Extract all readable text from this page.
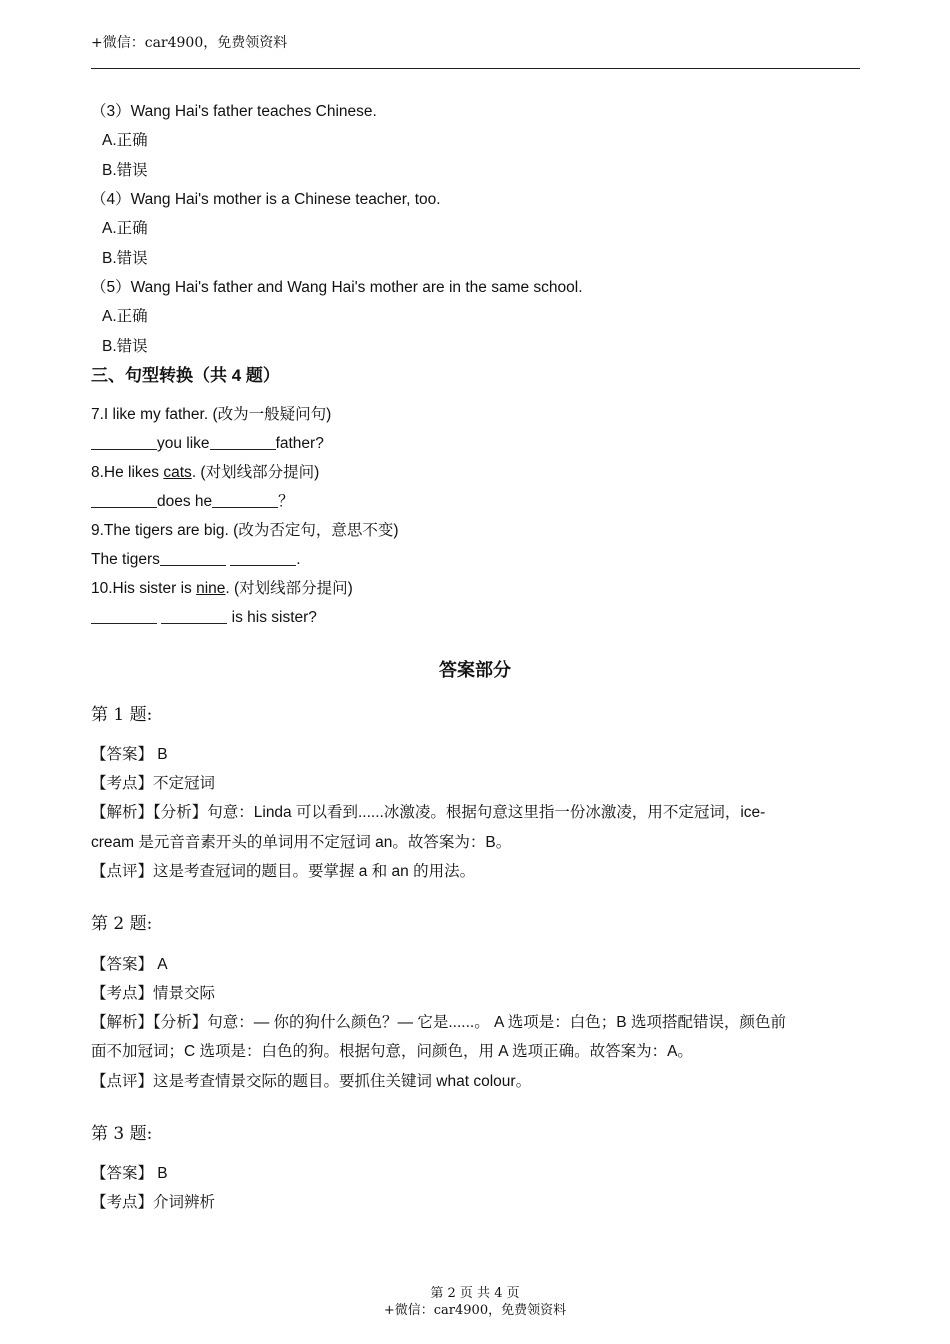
+微信：car4900，免费领资料
（3）Wang Hai's father teaches Chinese.
A.正确
B.错误
（4）Wang Hai's mother is a Chinese teacher, too.
A.正确
B.错误
（5）Wang Hai's father and Wang Hai's mother are in the same school.
A.正确
B.错误
三、句型转换（共 4 题）
7.I like my father. (改为一般疑问句)
you like	father?
8.He likes cats. (对划线部分提问)
does he	？
9.The tigers are big. (改为否定句，意思不变)
The tigers	.
10.His sister is nine. (对划线部分提问)
is his sister?
答案部分
第 1 题:
【答案】 B
【考点】不定冠词
【解析】【分析】句意：Linda 可以看到......冰激凌。根据句意这里指一份冰激凌，用不定冠词，ice-
cream 是元音音素开头的单词用不定冠词 an。故答案为：B。
【点评】这是考查冠词的题目。要掌握 a 和 an 的用法。
第 2 题:
【答案】 A
【考点】情景交际
【解析】【分析】句意：— 你的狗什么颜色？— 它是......。 A 选项是：白色；B 选项搭配错误，颜色前
面不加冠词；C 选项是：白色的狗。根据句意，问颜色，用 A 选项正确。故答案为：A。
【点评】这是考查情景交际的题目。要抓住关键词 what colour。
第 3 题:
【答案】 B
【考点】介词辨析
第 2 页 共 4 页
+微信：car4900，免费领资料
